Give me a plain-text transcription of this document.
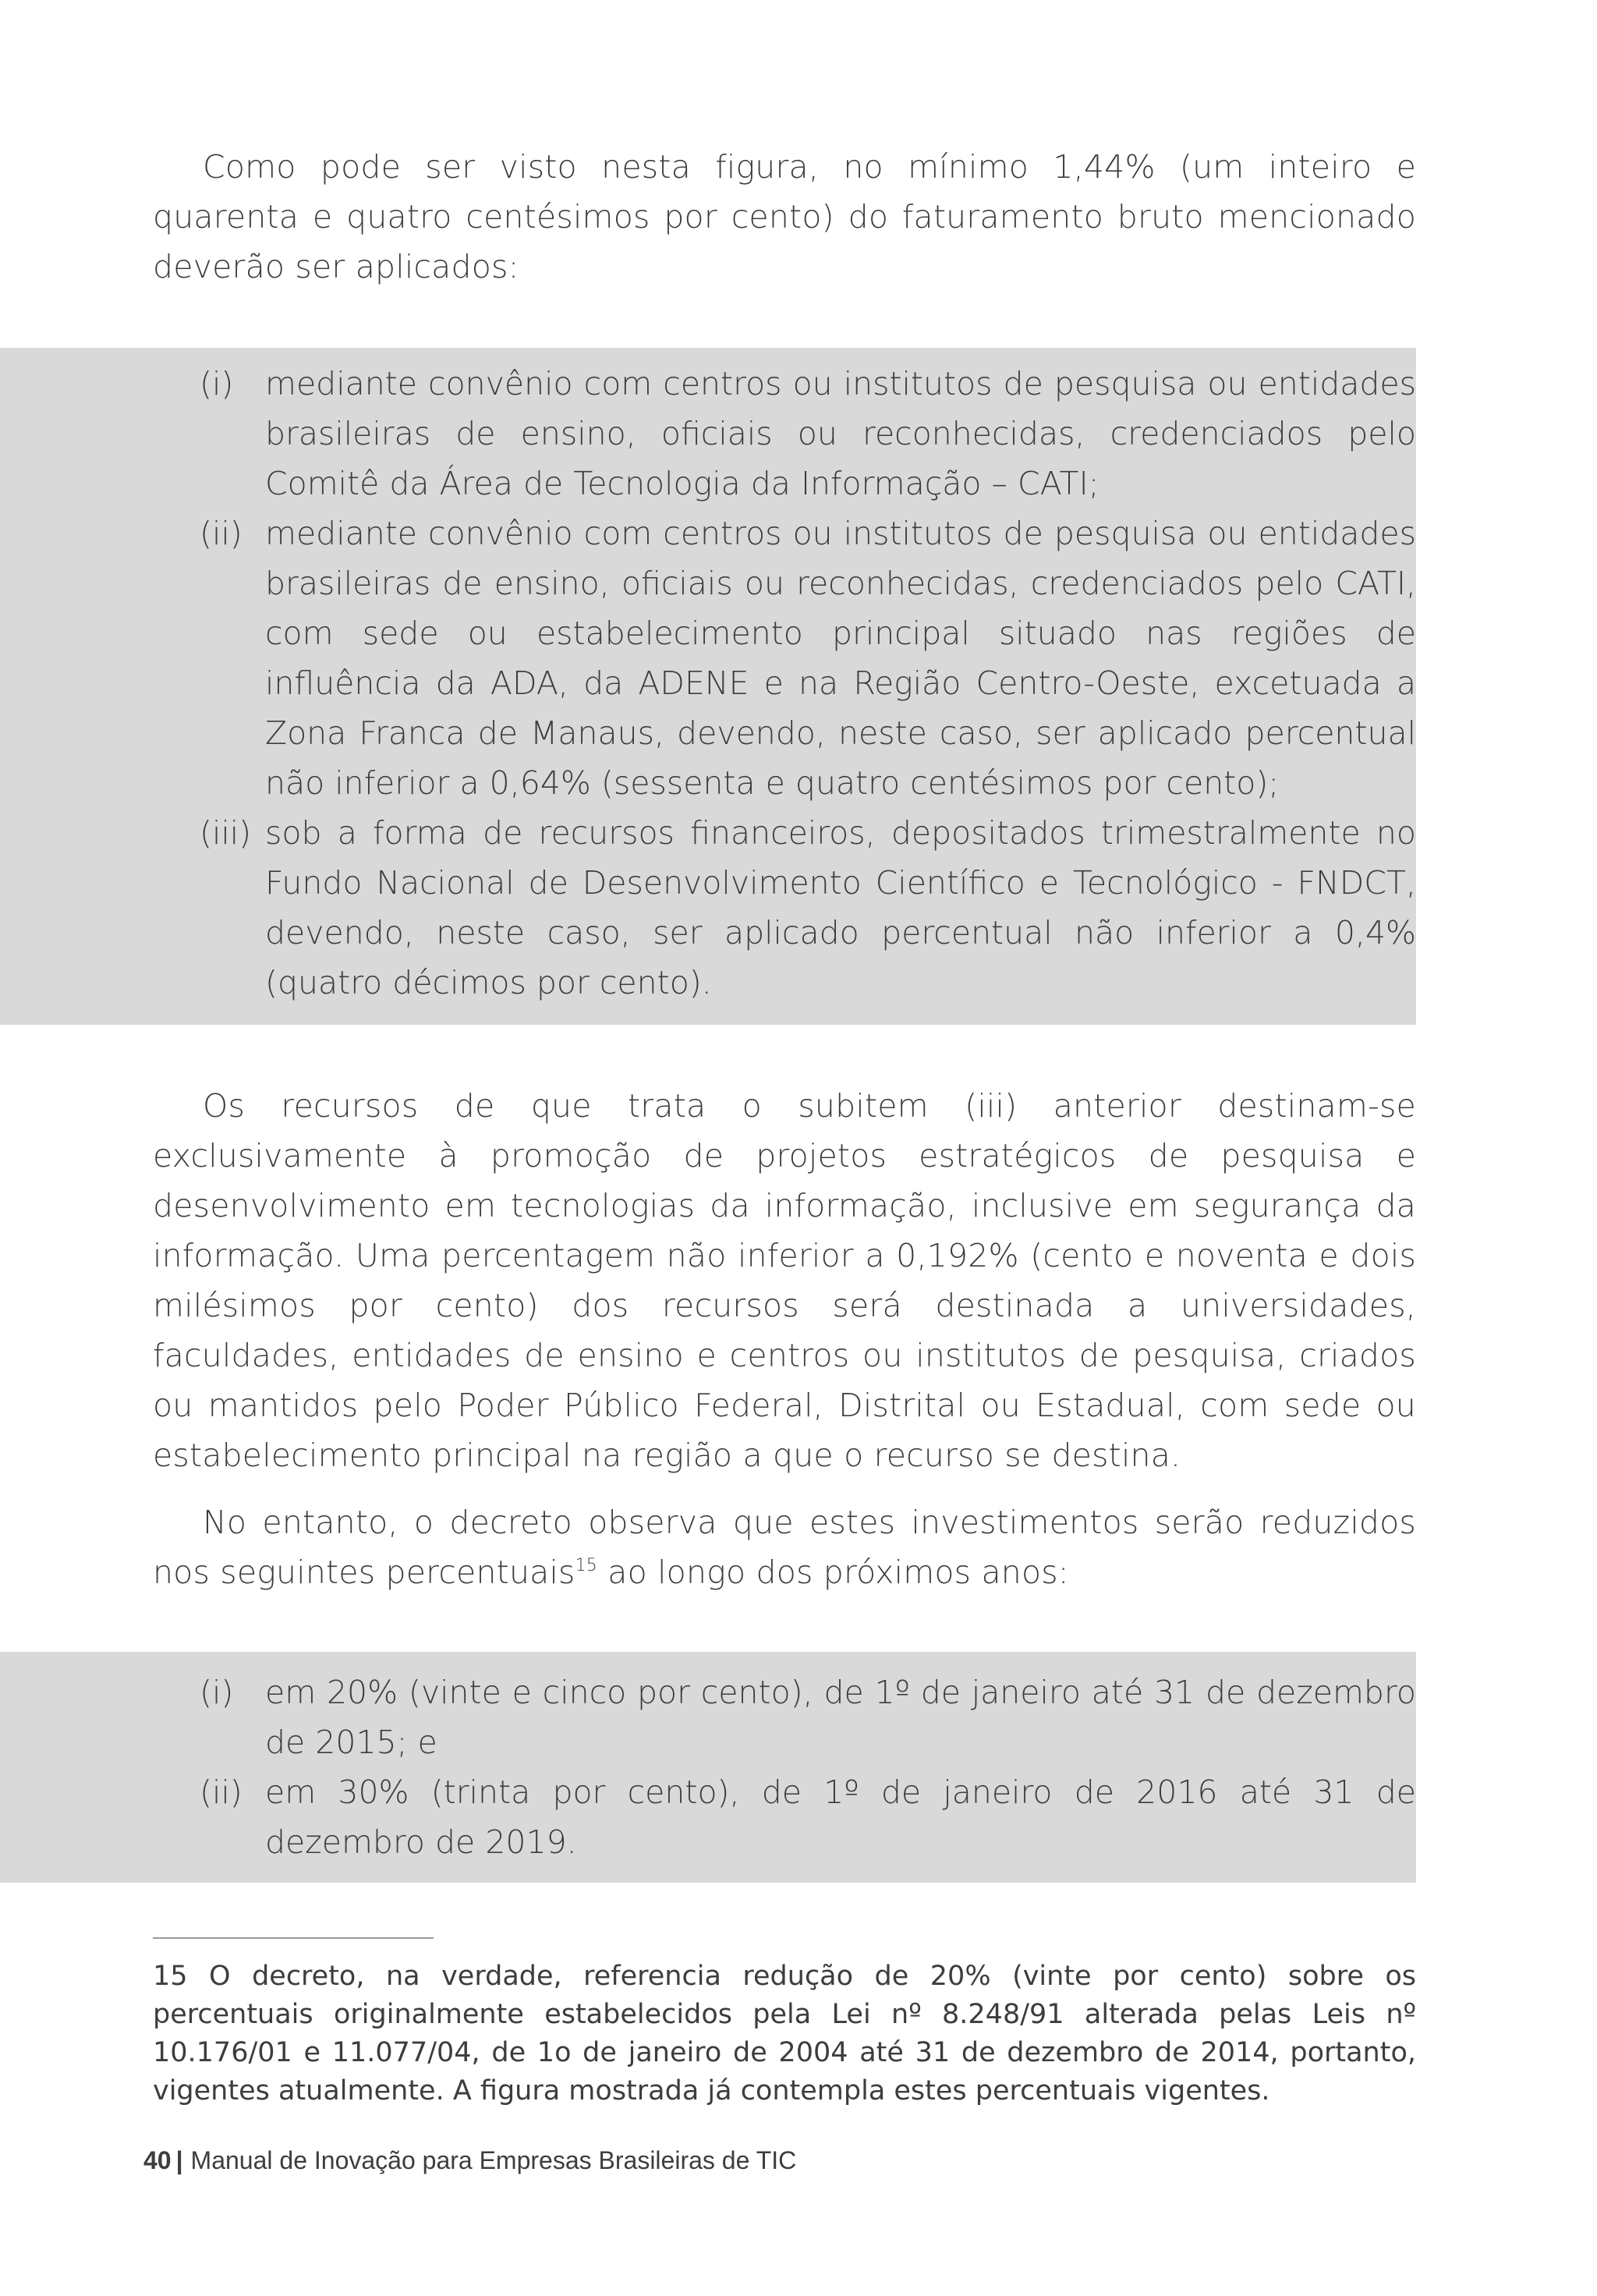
Como pode ser visto nesta figura, no mínimo 1,44% (um inteiro e quarenta e quatro centésimos por cento) do faturamento bruto mencionado deverão ser aplicados:

(i) mediante convênio com centros ou institutos de pesquisa ou entidades brasileiras de ensino, oficiais ou reconhecidas, credenciados pelo Comitê da Área de Tecnologia da Informação – CATI;
(ii) mediante convênio com centros ou institutos de pesquisa ou entidades brasileiras de ensino, oficiais ou reconhecidas, credenciados pelo CATI, com sede ou estabelecimento principal situado nas regiões de influência da ADA, da ADENE e na Região Centro-Oeste, excetuada a Zona Franca de Manaus, devendo, neste caso, ser aplicado percentual não inferior a 0,64% (sessenta e quatro centésimos por cento);
(iii) sob a forma de recursos financeiros, depositados trimestralmente no Fundo Nacional de Desenvolvimento Científico e Tecnológico - FNDCT, devendo, neste caso, ser aplicado percentual não inferior a 0,4% (quatro décimos por cento).

Os recursos de que trata o subitem (iii) anterior destinam-se exclusivamente à promoção de projetos estratégicos de pesquisa e desenvolvimento em tecnologias da informação, inclusive em segurança da informação. Uma percentagem não inferior a 0,192% (cento e noventa e dois milésimos por cento) dos recursos será destinada a universidades, faculdades, entidades de ensino e centros ou institutos de pesquisa, criados ou mantidos pelo Poder Público Federal, Distrital ou Estadual, com sede ou estabelecimento principal na região a que o recurso se destina.

No entanto, o decreto observa que estes investimentos serão reduzidos nos seguintes percentuais$^{15}$ ao longo dos próximos anos:

(i) em 20% (vinte e cinco por cento), de 1º de janeiro até 31 de dezembro de 2015; e
(ii) em 30% (trinta por cento), de 1º de janeiro de 2016 até 31 de dezembro de 2019.

15 O decreto, na verdade, referencia redução de 20% (vinte por cento) sobre os percentuais originalmente estabelecidos pela Lei nº 8.248/91 alterada pelas Leis nº 10.176/01 e 11.077/04, de 1o de janeiro de 2004 até 31 de dezembro de 2014, portanto, vigentes atualmente. A figura mostrada já contempla estes percentuais vigentes.

40 | Manual de Inovação para Empresas Brasileiras de TIC
